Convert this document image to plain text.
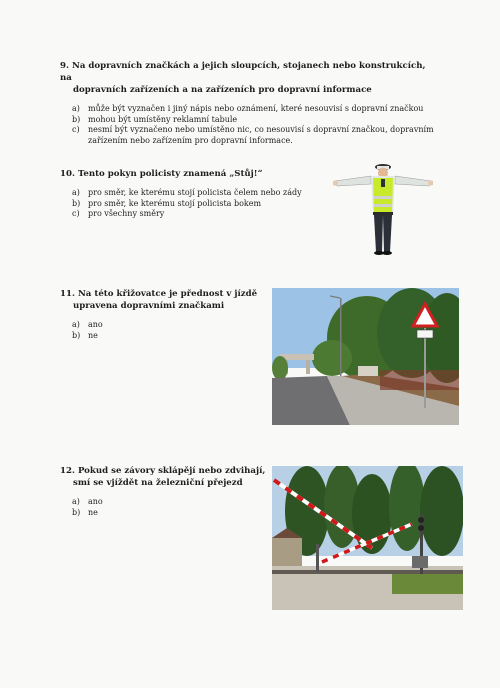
9. Na dopravních značkách a jejich sloupcích, stojanech nebo konstrukcích, na
dopravních zařízeních a na zařízeních pro dopravní informace
a)	může být vyznačen i jiný nápis nebo oznámení, které nesouvisí s dopravní značkou
b) mohou být umístěny reklamní tabule
c)	nesmí být vyznačeno nebo umístěno nic, co nesouvisí s dopravní značkou, dopravním zařízením nebo zařízením pro dopravní informace.
10. Tento pokyn policisty znamená „Stůj!“
a)	pro směr, ke kterému stojí policista čelem nebo zády
b) pro směr, ke kterému stojí policista bokem
c)	pro všechny směry
11. Na této křižovatce je přednost v jízdě
upravena dopravními značkami
a)	ano
b) ne
12. Pokud se závory sklápějí nebo zdvihají,
smí se vjíždět na železniční přejezd
a)	ano
b) ne
